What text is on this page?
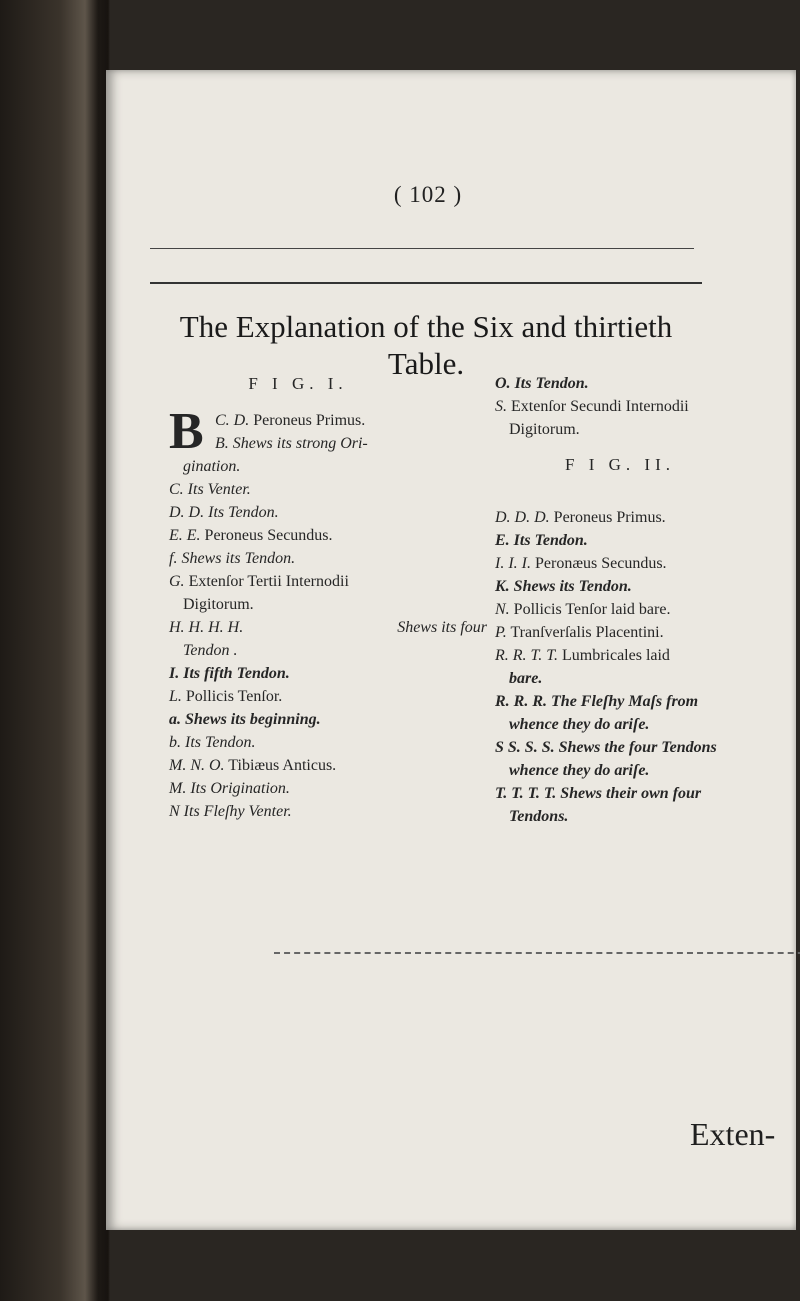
( 102 )
The Explanation of the Six and thirtieth
Table.
Exten-
F I G. I.
B C. D. Peroneus Primus.
B. Shews its strong Ori-
gination.
C. Its Venter.
D. D. Its Tendon.
E. E. Peroneus Secundus.
f. Shews its Tendon.
G. Extenſor Tertii Internodii
Digitorum.
H. H. H. H.	Shews its four
Tendon .
I. Its fifth Tendon.
L. Pollicis Tenſor.
a. Shews its beginning.
b. Its Tendon.
M. N. O. Tibiæus Anticus.
M. Its Origination.
N Its Fleſhy Venter.
O. Its Tendon.
S. Extenſor Secundi Internodii
Digitorum.
F I G. II.
D. D. D. Peroneus Primus.
E. Its Tendon.
I. I. I. Peronæus Secundus.
K. Shews its Tendon.
N. Pollicis Tenſor laid bare.
P. Tranſverſalis Placentini.
R. R. T. T. Lumbricales laid
bare.
R. R. R. The Fleſhy Maſs from
whence they do ariſe.
S S. S. S. Shews the four Tendons
whence they do ariſe.
T. T. T. T. Shews their own four
Tendons.
